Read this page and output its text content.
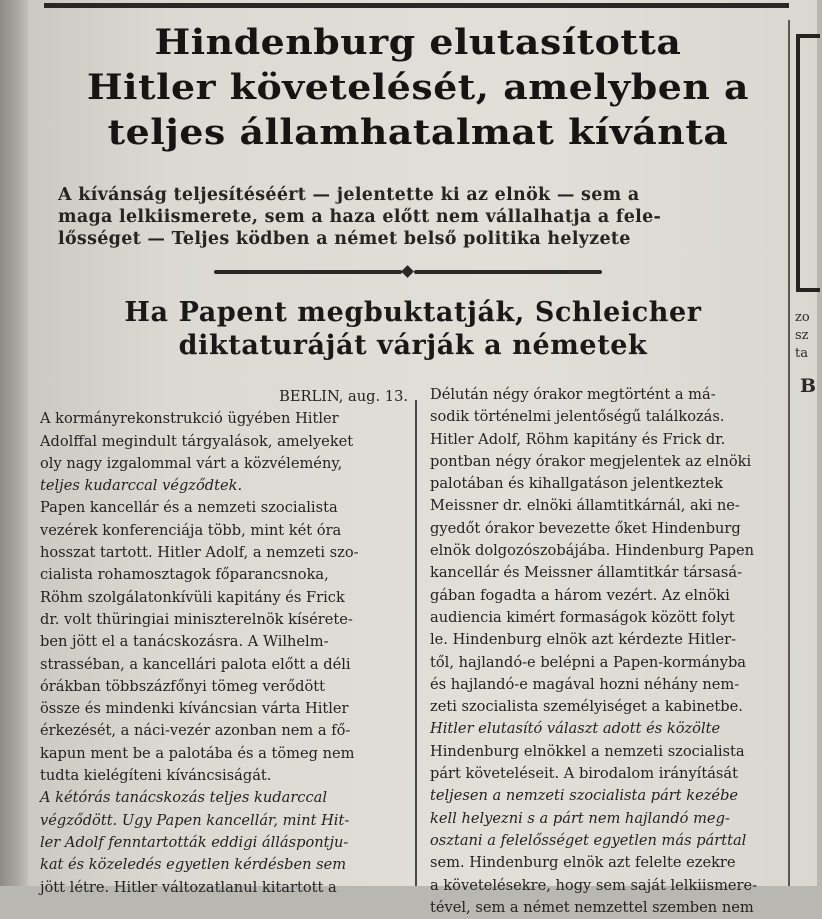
Hindenburg elutasította
Hitler követelését, amelyben a
teljes államhatalmat kívánta
A kívánság teljesítéséért — jelentette ki az elnök — sem a
maga lelkiismerete, sem a haza előtt nem vállalhatja a fele-
lősséget — Teljes ködben a német belső politika helyzete
Ha Papent megbuktatják, Schleicher
diktaturáját várják a németek
BERLIN, aug. 13.
A kormányrekonstrukció ügyében Hitler
Adolffal megindult tárgyalások, amelyeket
oly nagy izgalommal várt a közvélemény,
teljes kudarccal végződtek.
Papen kancellár és a nemzeti szocialista
vezérek konferenciája több, mint két óra
hosszat tartott. Hitler Adolf, a nemzeti szo-
cialista rohamosztagok főparancsnoka,
Röhm szolgálatonkívüli kapitány és Frick
dr. volt thüringiai miniszterelnök kísérete-
ben jött el a tanácskozásra. A Wilhelm-
strasséban, a kancellári palota előtt a déli
órákban többszázfőnyi tömeg verődött
össze és mindenki kíváncsian várta Hitler
érkezését, a náci-vezér azonban nem a fő-
kapun ment be a palotába és a tömeg nem
tudta kielégíteni kíváncsiságát.
A kétórás tanácskozás teljes kudarccal
végződött. Ugy Papen kancellár, mint Hit-
ler Adolf fenntartották eddigi álláspontju-
kat és közeledés egyetlen kérdésben sem
jött létre. Hitler változatlanul kitartott a
Délután négy órakor megtörtént a má-
sodik történelmi jelentőségű találkozás.
Hitler Adolf, Röhm kapitány és Frick dr.
pontban négy órakor megjelentek az elnöki
palotában és kihallgatáson jelentkeztek
Meissner dr. elnöki államtitkárnál, aki ne-
gyedőt órakor bevezette őket Hindenburg
elnök dolgozószobájába. Hindenburg Papen
kancellár és Meissner államtitkár társasá-
gában fogadta a három vezért. Az elnöki
audiencia kimért formaságok között folyt
le. Hindenburg elnök azt kérdezte Hitler-
től, hajlandó-e belépni a Papen-kormányba
és hajlandó-e magával hozni néhány nem-
zeti szocialista személyiséget a kabinetbe.
Hitler elutasító választ adott és közölte
Hindenburg elnökkel a nemzeti szocialista
párt követeléseit. A birodalom irányítását
teljesen a nemzeti szocialista párt kezébe
kell helyezni s a párt nem hajlandó meg-
osztani a felelősséget egyetlen más párttal
sem. Hindenburg elnök azt felelte ezekre
a követelésekre, hogy sem saját lelkiismere-
tével, sem a német nemzettel szemben nem
zo
sz
ta
B
